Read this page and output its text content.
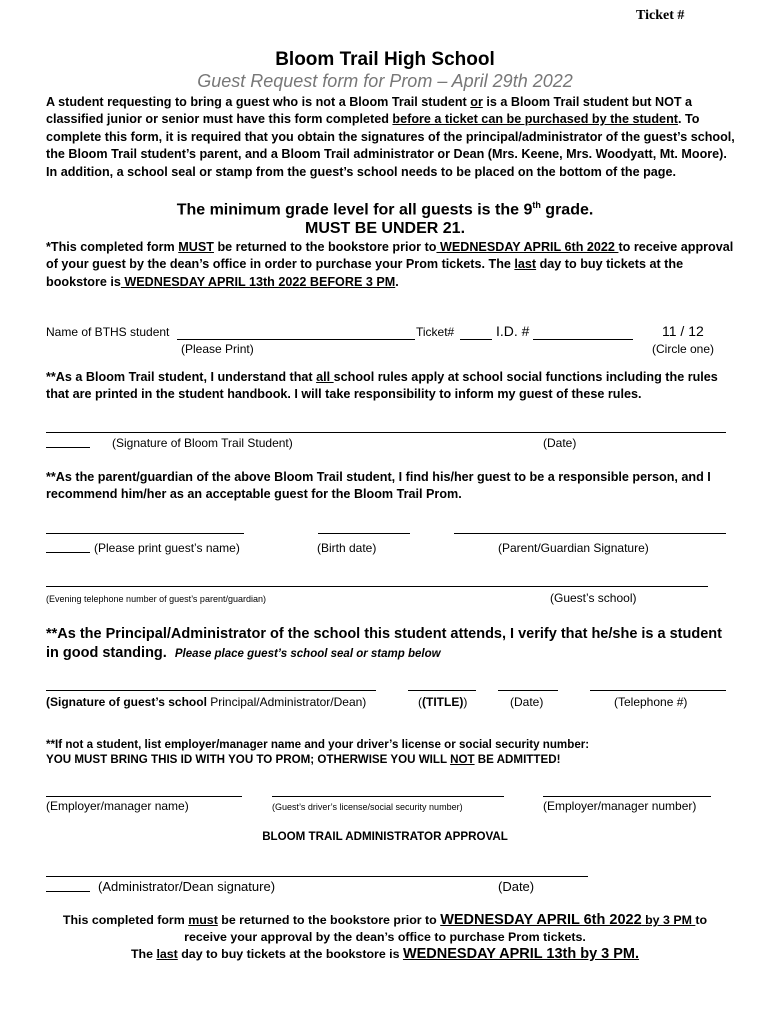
Ticket #
Bloom Trail High School
Guest Request form for Prom – April 29th 2022
A student requesting to bring a guest who is not a Bloom Trail student or is a Bloom Trail student but NOT a classified junior or senior must have this form completed before a ticket can be purchased by the student. To complete this form, it is required that you obtain the signatures of the principal/administrator of the guest’s school, the Bloom Trail student’s parent, and a Bloom Trail administrator or Dean (Mrs. Keene, Mrs. Woodyatt, Mt. Moore). In addition, a school seal or stamp from the guest’s school needs to be placed on the bottom of the page.
The minimum grade level for all guests is the 9th grade.
MUST BE UNDER 21.
*This completed form MUST be returned to the bookstore prior to WEDNESDAY APRIL 6th 2022 to receive approval of your guest by the dean’s office in order to purchase your Prom tickets. The last day to buy tickets at the bookstore is WEDNESDAY APRIL 13th 2022 BEFORE 3 PM.
Name of BTHS student	Ticket#	I.D. #	11 / 12
(Please Print)	(Circle one)
**As a Bloom Trail student, I understand that all school rules apply at school social functions including the rules that are printed in the student handbook. I will take responsibility to inform my guest of these rules.
(Signature of Bloom Trail Student)	(Date)
**As the parent/guardian of the above Bloom Trail student, I find his/her guest to be a responsible person, and I recommend him/her as an acceptable guest for the Bloom Trail Prom.
(Please print guest’s name)	(Birth date)	(Parent/Guardian Signature)
(Evening telephone number of guest’s parent/guardian)	(Guest’s school)
**As the Principal/Administrator of the school this student attends, I verify that he/she is a student in good standing. Please place guest’s school seal or stamp below
(Signature of guest’s school Principal/Administrator/Dean)	((TITLE))	(Date)	(Telephone #)
**If not a student, list employer/manager name and your driver’s license or social security number:
YOU MUST BRING THIS ID WITH YOU TO PROM; OTHERWISE YOU WILL NOT BE ADMITTED!
(Employer/manager name)	(Guest’s driver’s license/social security number)	(Employer/manager number)
BLOOM TRAIL ADMINISTRATOR APPROVAL
(Administrator/Dean signature)	(Date)
This completed form must be returned to the bookstore prior to WEDNESDAY APRIL 6th 2022 by 3 PM to receive your approval by the dean’s office to purchase Prom tickets.
The last day to buy tickets at the bookstore is WEDNESDAY APRIL 13th by 3 PM.
